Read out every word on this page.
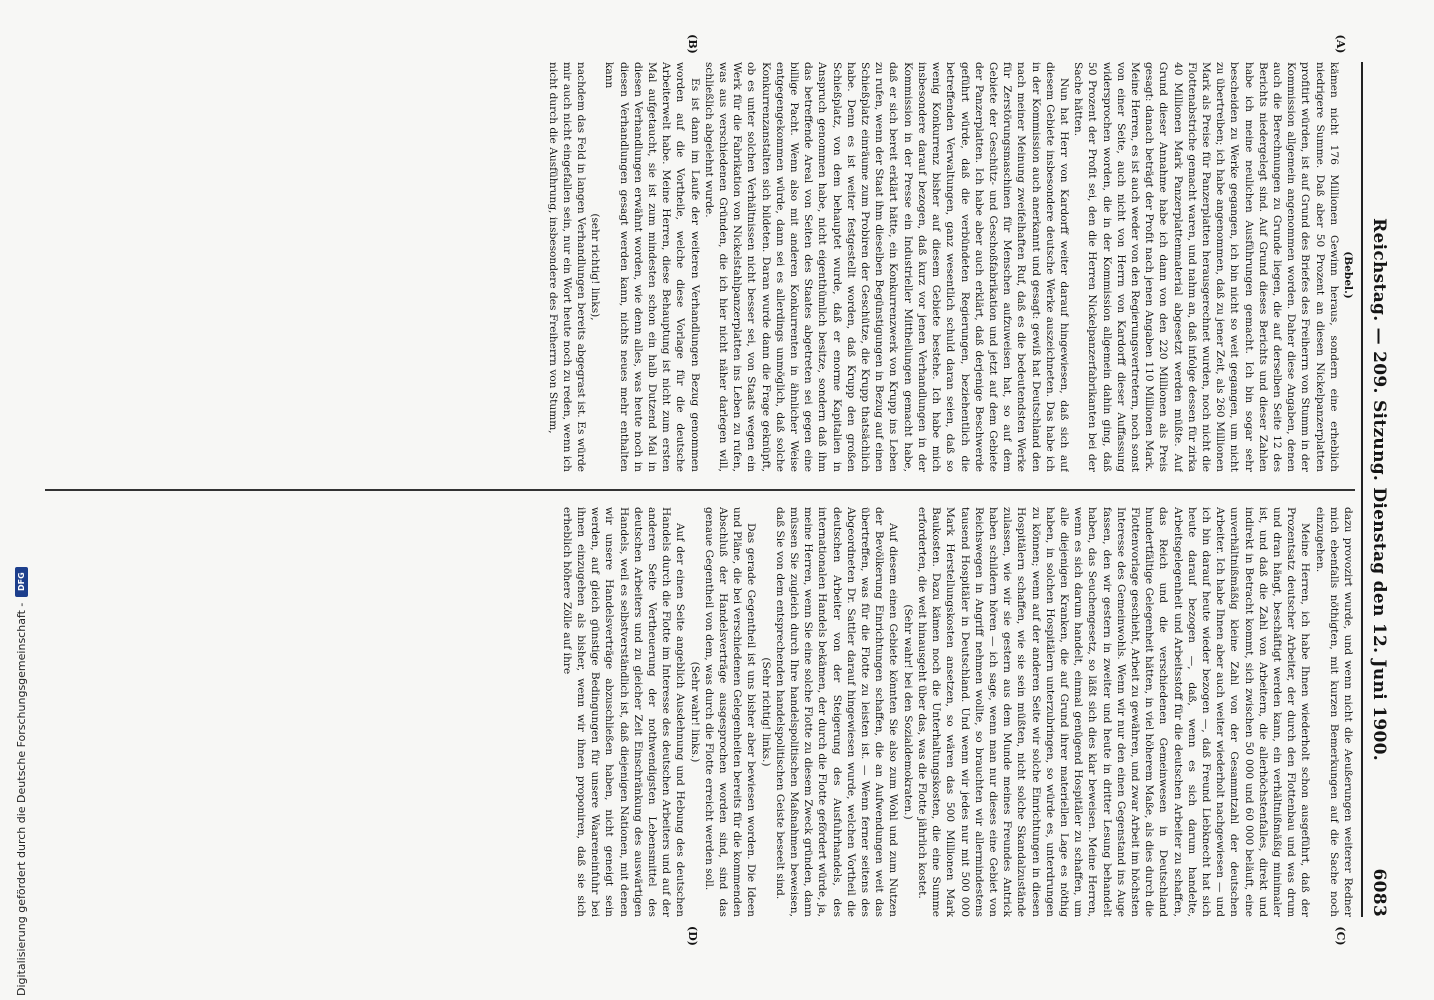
Reichstag. — 209. Sitzung. Dienstag den 12. Juni 1900.
6083
(A)
(B)
(C)
(D)

(Bebel.)

kämen nicht 176 Millionen Gewinn heraus, sondern eine erheblich niedrigere Summe. Daß aber 50 Prozent an diesen Nickelpanzerplatten profitirt würden, ist auf Grund des Briefes des Freiherrn von Stumm in der Kommission allgemein angenommen worden. Daher diese Angaben, denen auch die Berechnungen zu Grunde liegen, die auf derselben Seite 12 des Berichts niedergelegt sind. Auf Grund dieses Berichts und dieser Zahlen habe ich meine neulichen Ausführungen gemacht. Ich bin sogar sehr bescheiden zu Werke gegangen, ich bin nicht so weit gegangen, um nicht zu übertreiben; ich habe angenommen, daß zu jener Zeit, als 260 Millionen Mark als Preise für Panzerplatten herausgerechnet wurden, noch nicht die Flottenabstriche gemacht waren, und nahm an, daß infolge dessen für zirka 40 Millionen Mark Panzerplattenmaterial abgesetzt werden müßte. Auf Grund dieser Annahme habe ich dann von den 220 Millionen als Preis gesagt: danach beträgt der Profit nach jenen Angaben 110 Millionen Mark. Meine Herren, es ist auch weder von den Regierungsvertretern, noch sonst von einer Seite, auch nicht von Herrn von Kardorff dieser Auffassung widersprochen worden, die in der Kommission allgemein dahin ging, daß 50 Prozent der Profit sei, den die Herren Nickelpanzerfabrikanten bei der Sache hätten.

Nun hat Herr von Kardorff weiter darauf hingewiesen, daß sich auf diesem Gebiete insbesondere deutsche Werke auszeichneten. Das habe ich in der Kommission auch anerkannt und gesagt: gewiß hat Deutschland den nach meiner Meinung zweifelhaften Ruf, daß es die bedeutendsten Werke für Zerstörungsmaschinen für Menschen aufzuweisen hat, so auf dem Gebiete der Geschütz- und Geschoßfabrikation und jetzt auf dem Gebiete der Panzerplatten. Ich habe aber auch erklärt, daß derjenige Beschwerde geführt würde, daß die verbündeten Regierungen, beziehentlich die betreffenden Verwaltungen, ganz wesentlich schuld daran seien, daß so wenig Konkurrenz bisher auf diesem Gebiete bestehe. Ich habe mich insbesondere darauf bezogen, daß kurz vor jenen Verhandlungen in der Kommission in der Presse ein Industrieller Mittheilungen gemacht habe, daß er sich bereit erklärt hätte, ein Konkurrenzwerk von Krupp ins Leben zu rufen, wenn der Staat ihm dieselben Begünstigungen in Bezug auf einen Schießplatz einräume zum Probiren der Geschütze, die Krupp thatsächlich habe. Denn es ist weiter festgestellt worden, daß Krupp den großen Schießplatz, von dem behauptet wurde, daß er enorme Kapitalien in Anspruch genommen habe, nicht eigenthümlich besitze, sondern daß ihm das betreffende Areal von Seiten des Staates abgetreten sei gegen eine billige Pacht. Wenn also mit anderen Konkurrenten in ähnlicher Weise entgegengekommen würde, dann sei es allerdings unmöglich, daß solche Konkurrenzanstalten sich bildeten. Daran wurde dann die Frage geknüpft, ob es unter solchen Verhältnissen nicht besser sei, von Staats wegen ein Werk für die Fabrikation von Nickelstahlpanzerplatten ins Leben zu rufen, was aus verschiedenen Gründen, die ich hier nicht näher darlegen will, schließlich abgelehnt wurde.

Es ist dann im Laufe der weiteren Verhandlungen Bezug genommen worden auf die Vortheile, welche diese Vorlage für die deutsche Arbeiterwelt habe. Meine Herren, diese Behauptung ist nicht zum ersten Mal aufgetaucht, sie ist zum mindesten schon ein halb Dutzend Mal in diesen Verhandlungen erwähnt worden, wie denn alles, was heute noch in diesen Verhandlungen gesagt werden kann, nichts neues mehr enthalten kann

(sehr richtig! links),

nachdem das Feld in langen Verhandlungen bereits abgegrast ist. Es würde mir auch nicht eingefallen sein, nur ein Wort heute noch zu reden, wenn ich nicht durch die Ausführung, insbesondere des Freiherrn von Stumm,

dazu provozirt wurde, und wenn nicht die Aeußerungen weiterer Redner mich ebenfalls nöthigten, mit kurzen Bemerkungen auf die Sache noch einzugehen.

Meine Herren, ich habe Ihnen wiederholt schon ausgeführt, daß der Prozentsatz deutscher Arbeiter, der durch den Flottenbau und was drum und dran hängt, beschäftigt werden kann, ein verhältnißmäßig minimaler ist, und daß die Zahl von Arbeitern, die allerhöchstenfalles, direkt und indirekt in Betracht kommt, sich zwischen 50 000 und 60 000 beläuft, eine unverhältnißmäßig kleine Zahl von der Gesammtzahl der deutschen Arbeiter. Ich habe Ihnen aber auch weiter wiederholt nachgewiesen — und ich bin darauf heute wieder bezogen —, daß Freund Liebknecht hat sich heute darauf bezogen —, daß, wenn es sich darum handelte, Arbeitsgelegenheit und Arbeitsstoff für die deutschen Arbeiter zu schaffen, das Reich und die verschiedenen Gemeinwesen in Deutschland hundertfältige Gelegenheit hätten, in viel höherem Maße, als dies durch die Flottenvorlage geschieht, Arbeit zu gewähren, und zwar Arbeit im höchsten Interesse des Gemeinwohls. Wenn wir nur den einen Gegenstand ins Auge fassen, den wir gestern in zweiter und heute in dritter Lesung behandelt haben, das Seuchengesetz, so läßt sich dies klar beweisen. Meine Herren, wenn es sich darum handelt, einmal genügend Hospitäler zu schaffen, um alle diejenigen Kranken, die auf Grund ihrer materiellen Lage es nöthig haben, in solchen Hospitälern unterzubringen, so würde es, unterdrungen zu können; wenn auf der anderen Seite wir solche Einrichtungen in diesen Hospitälern schaffen, wie sie sein müßten, nicht solche Skandalzustände zulassen, wie wir sie gestern aus dem Munde meines Freundes Antrick haben schildern hören — ich sage, wenn man nur dieses eine Gebiet von Reichswegen in Angriff nehmen wollte, so brauchten wir allermindestens tausend Hospitäler in Deutschland. Und wenn wir jedes nur mit 500 000 Mark Herstellungskosten ansetzen, so wären das 500 Millionen Mark Baukosten. Dazu kämen noch die Unterhaltungskosten, die eine Summe erforderten, die weit hinausgeht über das, was die Flotte jährlich kostet.

(Sehr wahr! bei den Sozialdemokraten.)

Auf diesem einen Gebiete könnten Sie also zum Wohl und zum Nutzen der Bevölkerung Einrichtungen schaffen, die an Aufwendungen weit das übertreffen, was für die Flotte zu leisten ist. — Wenn ferner seitens des Abgeordneten Dr. Sattler darauf hingewiesen wurde, welchen Vortheil die deutschen Arbeiter von der Steigerung des Ausfuhrhandels, des internationalen Handels bekämen, der durch die Flotte gefördert würde, ja, meine Herren, wenn Sie eine solche Flotte zu diesem Zweck gründen, dann müssen Sie zugleich durch Ihre handelspolitischen Maßnahmen beweisen, daß Sie von dem entsprechenden handelspolitischen Geiste beseelt sind.

(Sehr richtig! links.)

Das gerade Gegentheil ist uns bisher aber bewiesen worden. Die Ideen und Pläne, die bei verschiedenen Gelegenheiten bereits für die kommenden Abschluß der Handelsverträge ausgesprochen worden sind, sind das genaue Gegentheil von dem, was durch die Flotte erreicht werden soll.

(Sehr wahr! links.)

Auf der einen Seite angeblich Ausdehnung und Hebung des deutschen Handels durch die Flotte im Interesse des deutschen Arbeiters und auf der anderen Seite Vertheuerung der nothwendigsten Lebensmittel des deutschen Arbeiters und zu gleicher Zeit Einschränkung des auswärtigen Handels, weil es selbstverständlich ist, daß diejenigen Nationen, mit denen wir unsere Handelsverträge abzuschließen haben, nicht geneigt sein werden, auf gleich günstige Bedingungen für unsere Waareneinfuhr bei ihnen einzugehen als bisher, wenn wir ihnen proponiren, daß sie sich erheblich höhere Zölle auf ihre

Digitalisierung gefördert durch die Deutsche Forschungsgemeinschaft -
DFG
